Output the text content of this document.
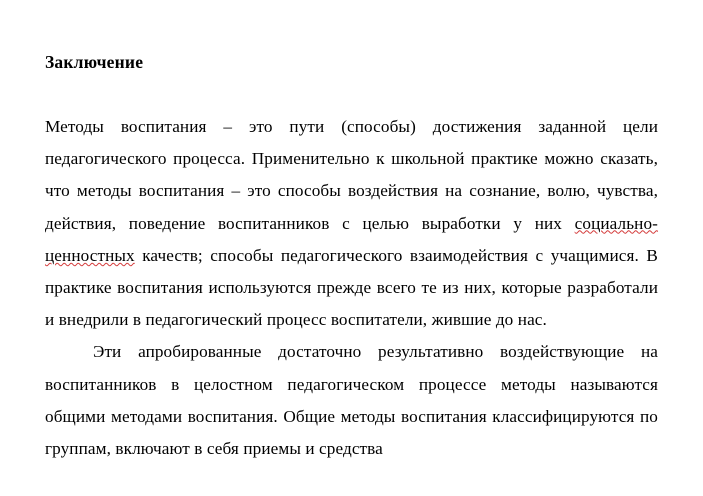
Заключение

Методы воспитания – это пути (способы) достижения заданной цели педагогического процесса. Применительно к школьной практике можно сказать, что методы воспитания – это способы воздействия на сознание, волю, чувства, действия, поведение воспитанников с целью выработки у них социально-ценностных качеств; способы педагогического взаимодействия с учащимися. В практике воспитания используются прежде всего те из них, которые разработали и внедрили в педагогический процесс воспитатели, жившие до нас.

Эти апробированные достаточно результативно воздействующие на воспитанников в целостном педагогическом процессе методы называются общими методами воспитания. Общие методы воспитания классифицируются по группам, включают в себя приемы и средства
